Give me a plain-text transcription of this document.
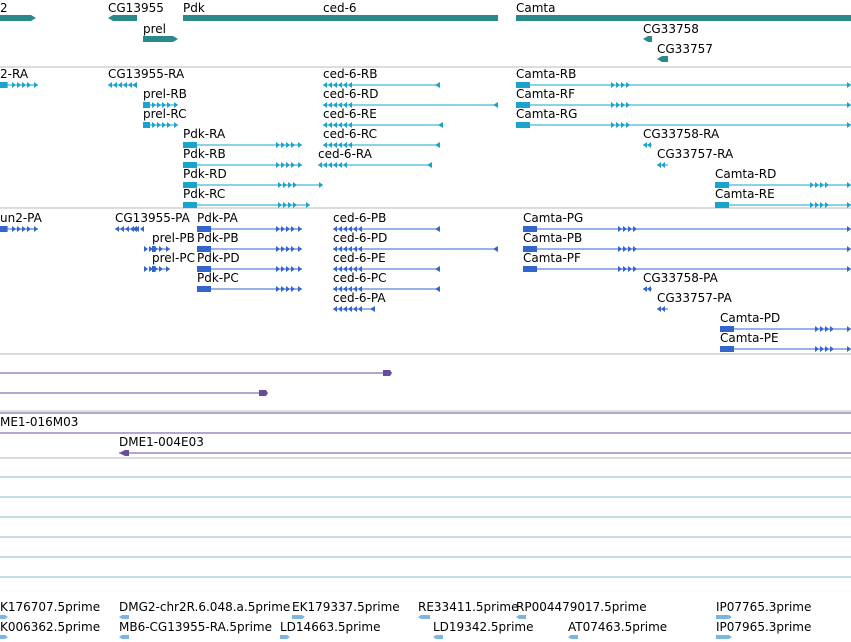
2	CG13955 Pdk	ced-6	Camta
prel	CG33758
CG33757
2-RA	CG13955-RA	ced-6-RB	Camta-RB
prel-RB	ced-6-RD	Camta-RF
prel-RC	ced-6-RE	Camta-RG
Pdk-RA	ced-6-RC	CG33758-RA
Pdk-RB	ced-6-RA	CG33757-RA
Pdk-RD	Camta-RD
Pdk-RC	Camta-RE
un2-PA	CG13955-PA Pdk-PA	ced-6-PB	Camta-PG
prel-PB Pdk-PB	ced-6-PD	Camta-PB
prel-PC Pdk-PD	ced-6-PE	Camta-PF
Pdk-PC	ced-6-PC	CG33758-PA
ced-6-PA	CG33757-PA
Camta-PD
Camta-PE
ME1-016M03
DME1-004E03
K176707.5prime DMG2-chr2R.6.048.a.5prime EK179337.5prime RE33411.5prime
RP004479017.5prime	IP07765.3prime
K006362.5prime MB6-CG13955-RA.5prime LD14663.5prime	LD19342.5prime	AT07463.5prime	IP07965.3prime
